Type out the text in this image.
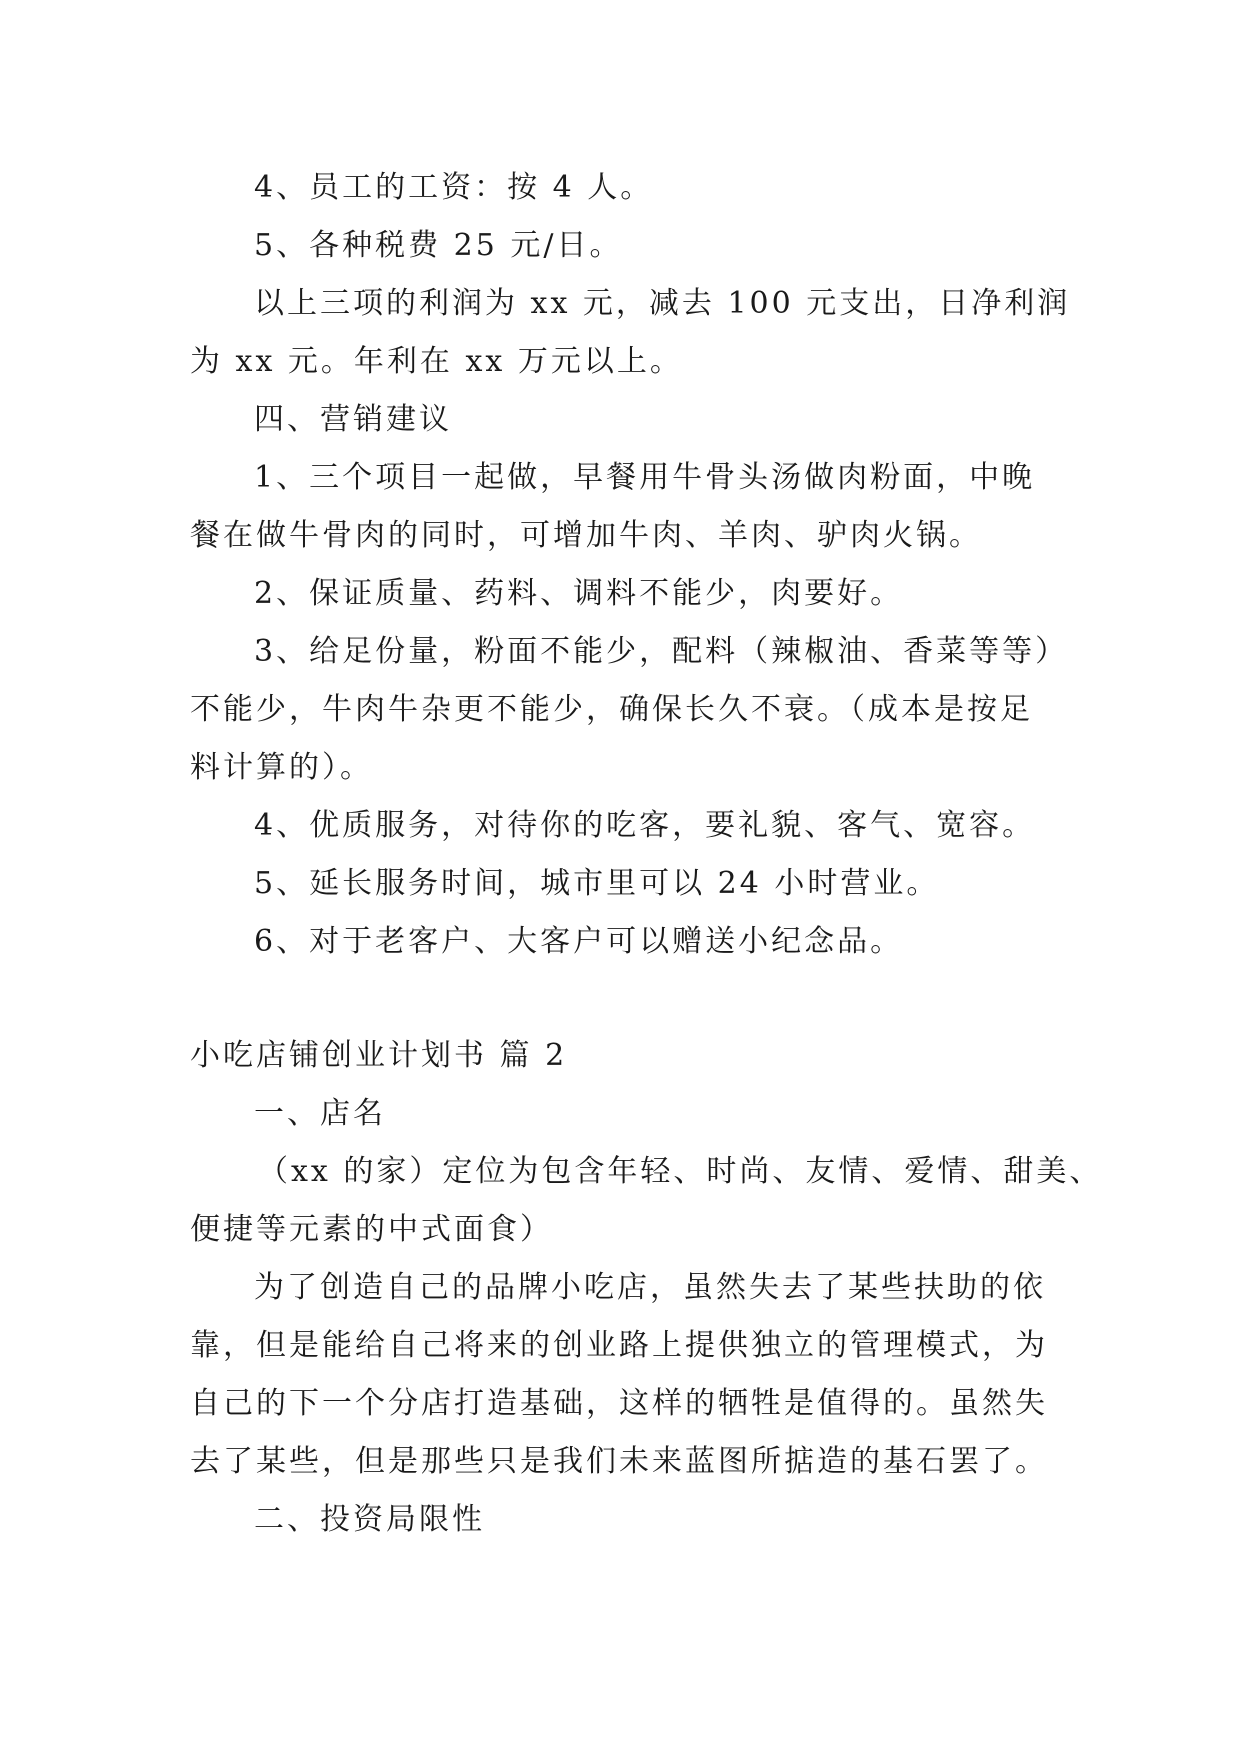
4、员工的工资：按 4 人。
5、各种税费 25 元/日。
以上三项的利润为 xx 元，减去 100 元支出，日净利润
为 xx 元。年利在 xx 万元以上。
四、营销建议
1、三个项目一起做，早餐用牛骨头汤做肉粉面，中晚
餐在做牛骨肉的同时，可增加牛肉、羊肉、驴肉火锅。
2、保证质量、药料、调料不能少，肉要好。
3、给足份量，粉面不能少，配料（辣椒油、香菜等等）
不能少，牛肉牛杂更不能少，确保长久不衰。（成本是按足
料计算的）。
4、优质服务，对待你的吃客，要礼貌、客气、宽容。
5、延长服务时间，城市里可以 24 小时营业。
6、对于老客户、大客户可以赠送小纪念品。
小吃店铺创业计划书 篇 2
一、店名
（xx 的家）定位为包含年轻、时尚、友情、爱情、甜美、
便捷等元素的中式面食）
为了创造自己的品牌小吃店，虽然失去了某些扶助的依
靠，但是能给自己将来的创业路上提供独立的管理模式，为
自己的下一个分店打造基础，这样的牺牲是值得的。虽然失
去了某些，但是那些只是我们未来蓝图所掂造的基石罢了。
二、投资局限性
